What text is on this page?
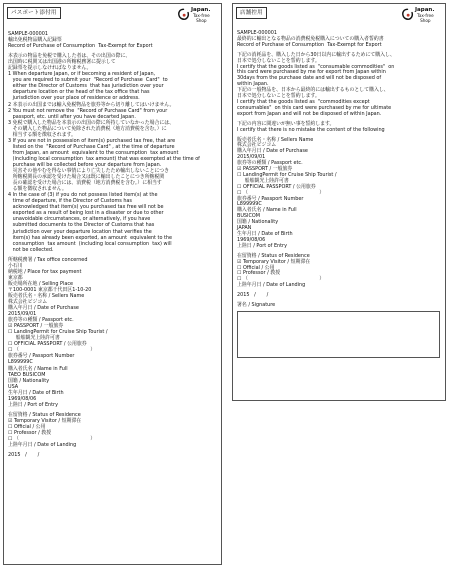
パスポート添付用	Japan.
Tax-free
Shop
SAMPLE-000001
輸出免税物品購入記録票
Record of Purchase of Consumption  Tax-Exempt for Export
本表示の物品を免税で購入した者は、その出国の際に、
出国時に税関又は出国港の所轄税務署に提示して
記録票を提示しなければなりません。
1 When departure Japan, or if becoming a resident of Japan,
you are required to submit your  "Record of Purchase  Card"  to
either the Director of Customs  that has jurisdiction over your
departure location or the head of the tax office that has
jurisdiction over your place of residence or address.
2 本表示の出国までは輸入免税物品を旅券等から切り離してはいけません。
2 You must not remove the  "Record of Purchase Card" from your
passport, etc. until after you have decarted Japan.
3 免税で購入した物品を本表示の出国の際に所持していなかった場合には、
その購入した物品について免除された消費税（地方消費税を含む。）に
相当する額を徴収されます。
3 If you are not in possession of item(s) purchased tax free, that are
listed on the  "Record of Purchase Card" , at the time of departure
from Japan, an amount  equivalent to the consumption  tax amount
(including local consumption  tax amount) that was exempted at the time of
purchase will be collected before your departure from Japan.
災害その他やむを得ない事情により亡失したため輸出しないことにつき
所轄税関長の承認を受けた場合又は既に輸出したことにつき所轄税関
長の確認を受けた場合には、消費税（地方消費税を含む。）に相当す
る額を徴収されません。
4 In the case of (3) if you do not possess listed item(s) at the
time of departure, if the Director of Customs has
acknowledged that item(s) you purchased tax free will not be
exported as a result of being lost in a disaster or due to other
unavoidable circumstances, or alternatively, if you have
submitted documents to the Director of Customs that has
jurisdiction over your departure location that verifies the
item(s) has already been exported, an amount  equivalent to the
consumption  tax amount  (including local consumption  tax) will
not be collected.
所轄税務署 / Tax office concerned
小石川
納税地 / Place for tax payment
東京都
販売場所在地 / Selling Place
〒100-0001 東京都千代田区1-10-20
販売者氏名・名称 / Sellers Name
株式会社ビジコム
購入年月日 / Date of Purchase
2015/09/01
旅券等の種類 / Passport etc.
☑ PASSPORT / 一般旅券
☐ LandingPermit for Cruise Ship Tourist /
船舶観光上陸許可書
☐ OFFICIAL PASSPORT / 公用旅券
☐ （                                              ）
旅券番号 / Passport Number
L899999C
購入者氏名 / Name in Full
TAEO BUSICOM
国籍 / Nationality
USA
生年月日 / Date of Birth
1969/08/06
上陸日 / Port of Entry
在留資格 / Status of Residence
☑ Temporary Visitor / 短期滞在
☐ Official / 公用
☐ Professor / 教授
☐ （                                              ）
上陸年月日 / Date of Landing
2015   /       /
店舗控用	Japan.
Tax-free
Shop
SAMPLE-000001
最終的に輸出となる物品の消費税免税購入についての購入者誓約書
Record of Purchase of Consumption  Tax-Exempt for Export
下記の消耗品を、購入した日から30日以内に輸出するためにて購入し、
日本で処分しないことを誓約します。
I certify that the goods listed as  "consumable commodities"  on
this card were purchased by me for export from Japan within
30days from the purchase date and will not be disposed of
within Japan.
下記の一般物品を、日本から最終的には輸出するものとして購入し、
日本で処分しないことを誓約します。
I certify that the goods listed as  "commodities except
consumables"  on this card were purchased by me for ultimate
export from Japan and will not be disposed of within Japan.
下記の内容に間違いが無い事を誓約します。
I certify that there is no mistake the content of the following
販売者氏名・名称 / Sellers Name
株式会社ビジコム
購入年月日 / Date of Purchase
2015/09/01
旅券等の種類 / Passport etc.
☑ PASSPORT / 一般旅券
☐ LandingPermit for Cruise Ship Tourist /
船舶観光上陸許可書
☐ OFFICIAL PASSPORT / 公用旅券
☐ （                                              ）
旅券番号 / Passport Number
L899999C
購入者氏名 / Name in Full
BUSICOM
国籍 / Nationality
JAPAN
生年月日 / Date of Birth
1969/08/06
上陸日 / Port of Entry
在留資格 / Status of Residence
☑ Temporary Visitor / 短期滞在
☐ Official / 公用
☐ Professor / 教授
☐ （                                              ）
上陸年月日 / Date of Landing
2015   /       /
署名 / Signature
